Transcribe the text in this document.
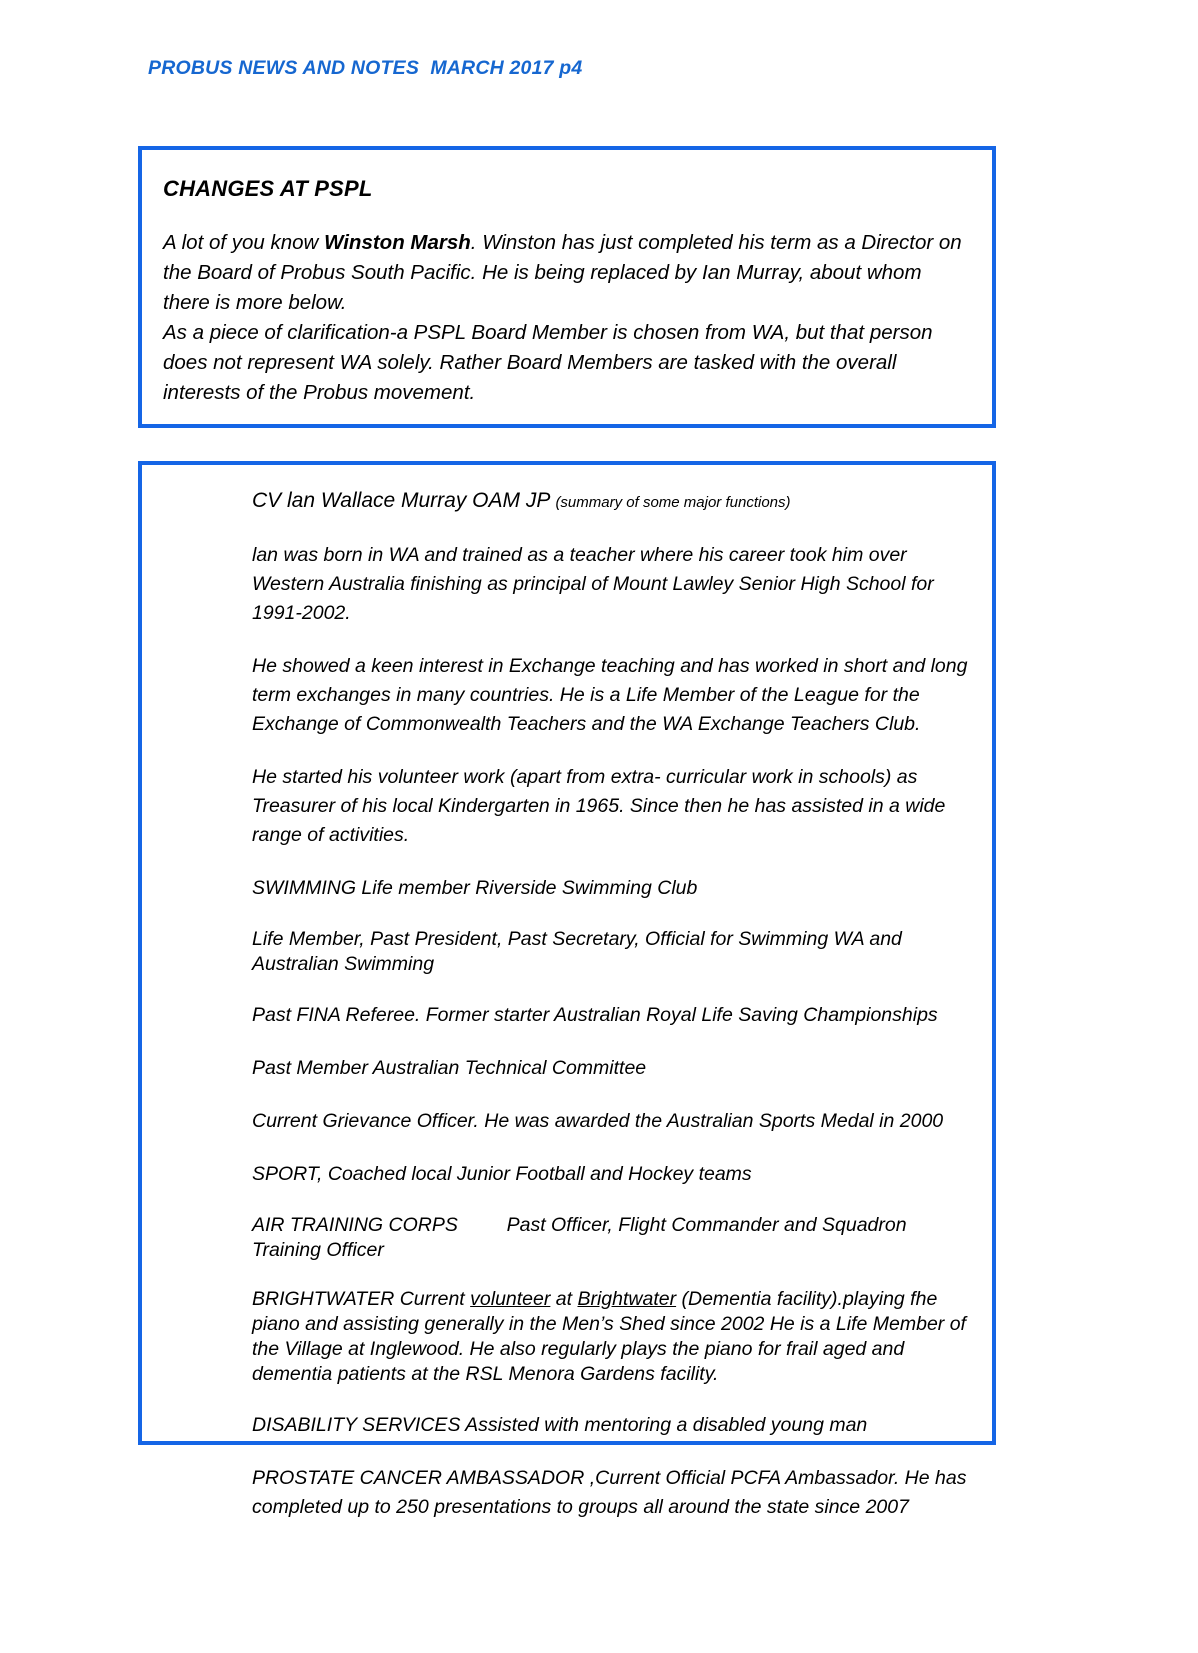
PROBUS NEWS AND NOTES  MARCH 2017 p4
CHANGES AT PSPL
A lot of you know Winston Marsh. Winston has just completed his term as a Director on the Board of Probus South Pacific. He is being replaced by Ian Murray, about whom there is more below.
As a piece of clarification-a PSPL Board Member is chosen from WA, but that person does not represent WA solely. Rather Board Members are tasked with the overall interests of the Probus movement.
CV lan Wallace Murray OAM JP (summary of some major functions)
lan was born in WA and trained as a teacher where his career took him over Western Australia finishing as principal of Mount Lawley Senior High School for 1991-2002.
He showed a keen interest in Exchange teaching and has worked in short and long term exchanges in many countries. He is a Life Member of the League for the Exchange of Commonwealth Teachers and the WA Exchange Teachers Club.
He started his volunteer work (apart from extra- curricular work in schools) as Treasurer of his local Kindergarten in 1965. Since then he has assisted in a wide range of activities.
SWIMMING Life member Riverside Swimming Club
Life Member, Past President, Past Secretary, Official for Swimming WA and Australian Swimming
Past FINA Referee. Former starter Australian Royal Life Saving Championships
Past Member Australian Technical Committee
Current Grievance Officer. He was awarded the Australian Sports Medal in 2000
SPORT, Coached local Junior Football and Hockey teams
AIR TRAINING CORPS         Past Officer, Flight Commander and Squadron Training Officer
BRIGHTWATER Current volunteer at Brightwater (Dementia facility).playing fhe piano and assisting generally in the Men’s Shed since 2002 He is a Life Member of the Village at Inglewood. He also regularly plays the piano for frail aged and dementia patients at the RSL Menora Gardens facility.
DISABILITY SERVICES Assisted with mentoring a disabled young man
PROSTATE CANCER AMBASSADOR ,Current Official PCFA Ambassador. He has completed up to 250 presentations to groups all around the state since 2007
